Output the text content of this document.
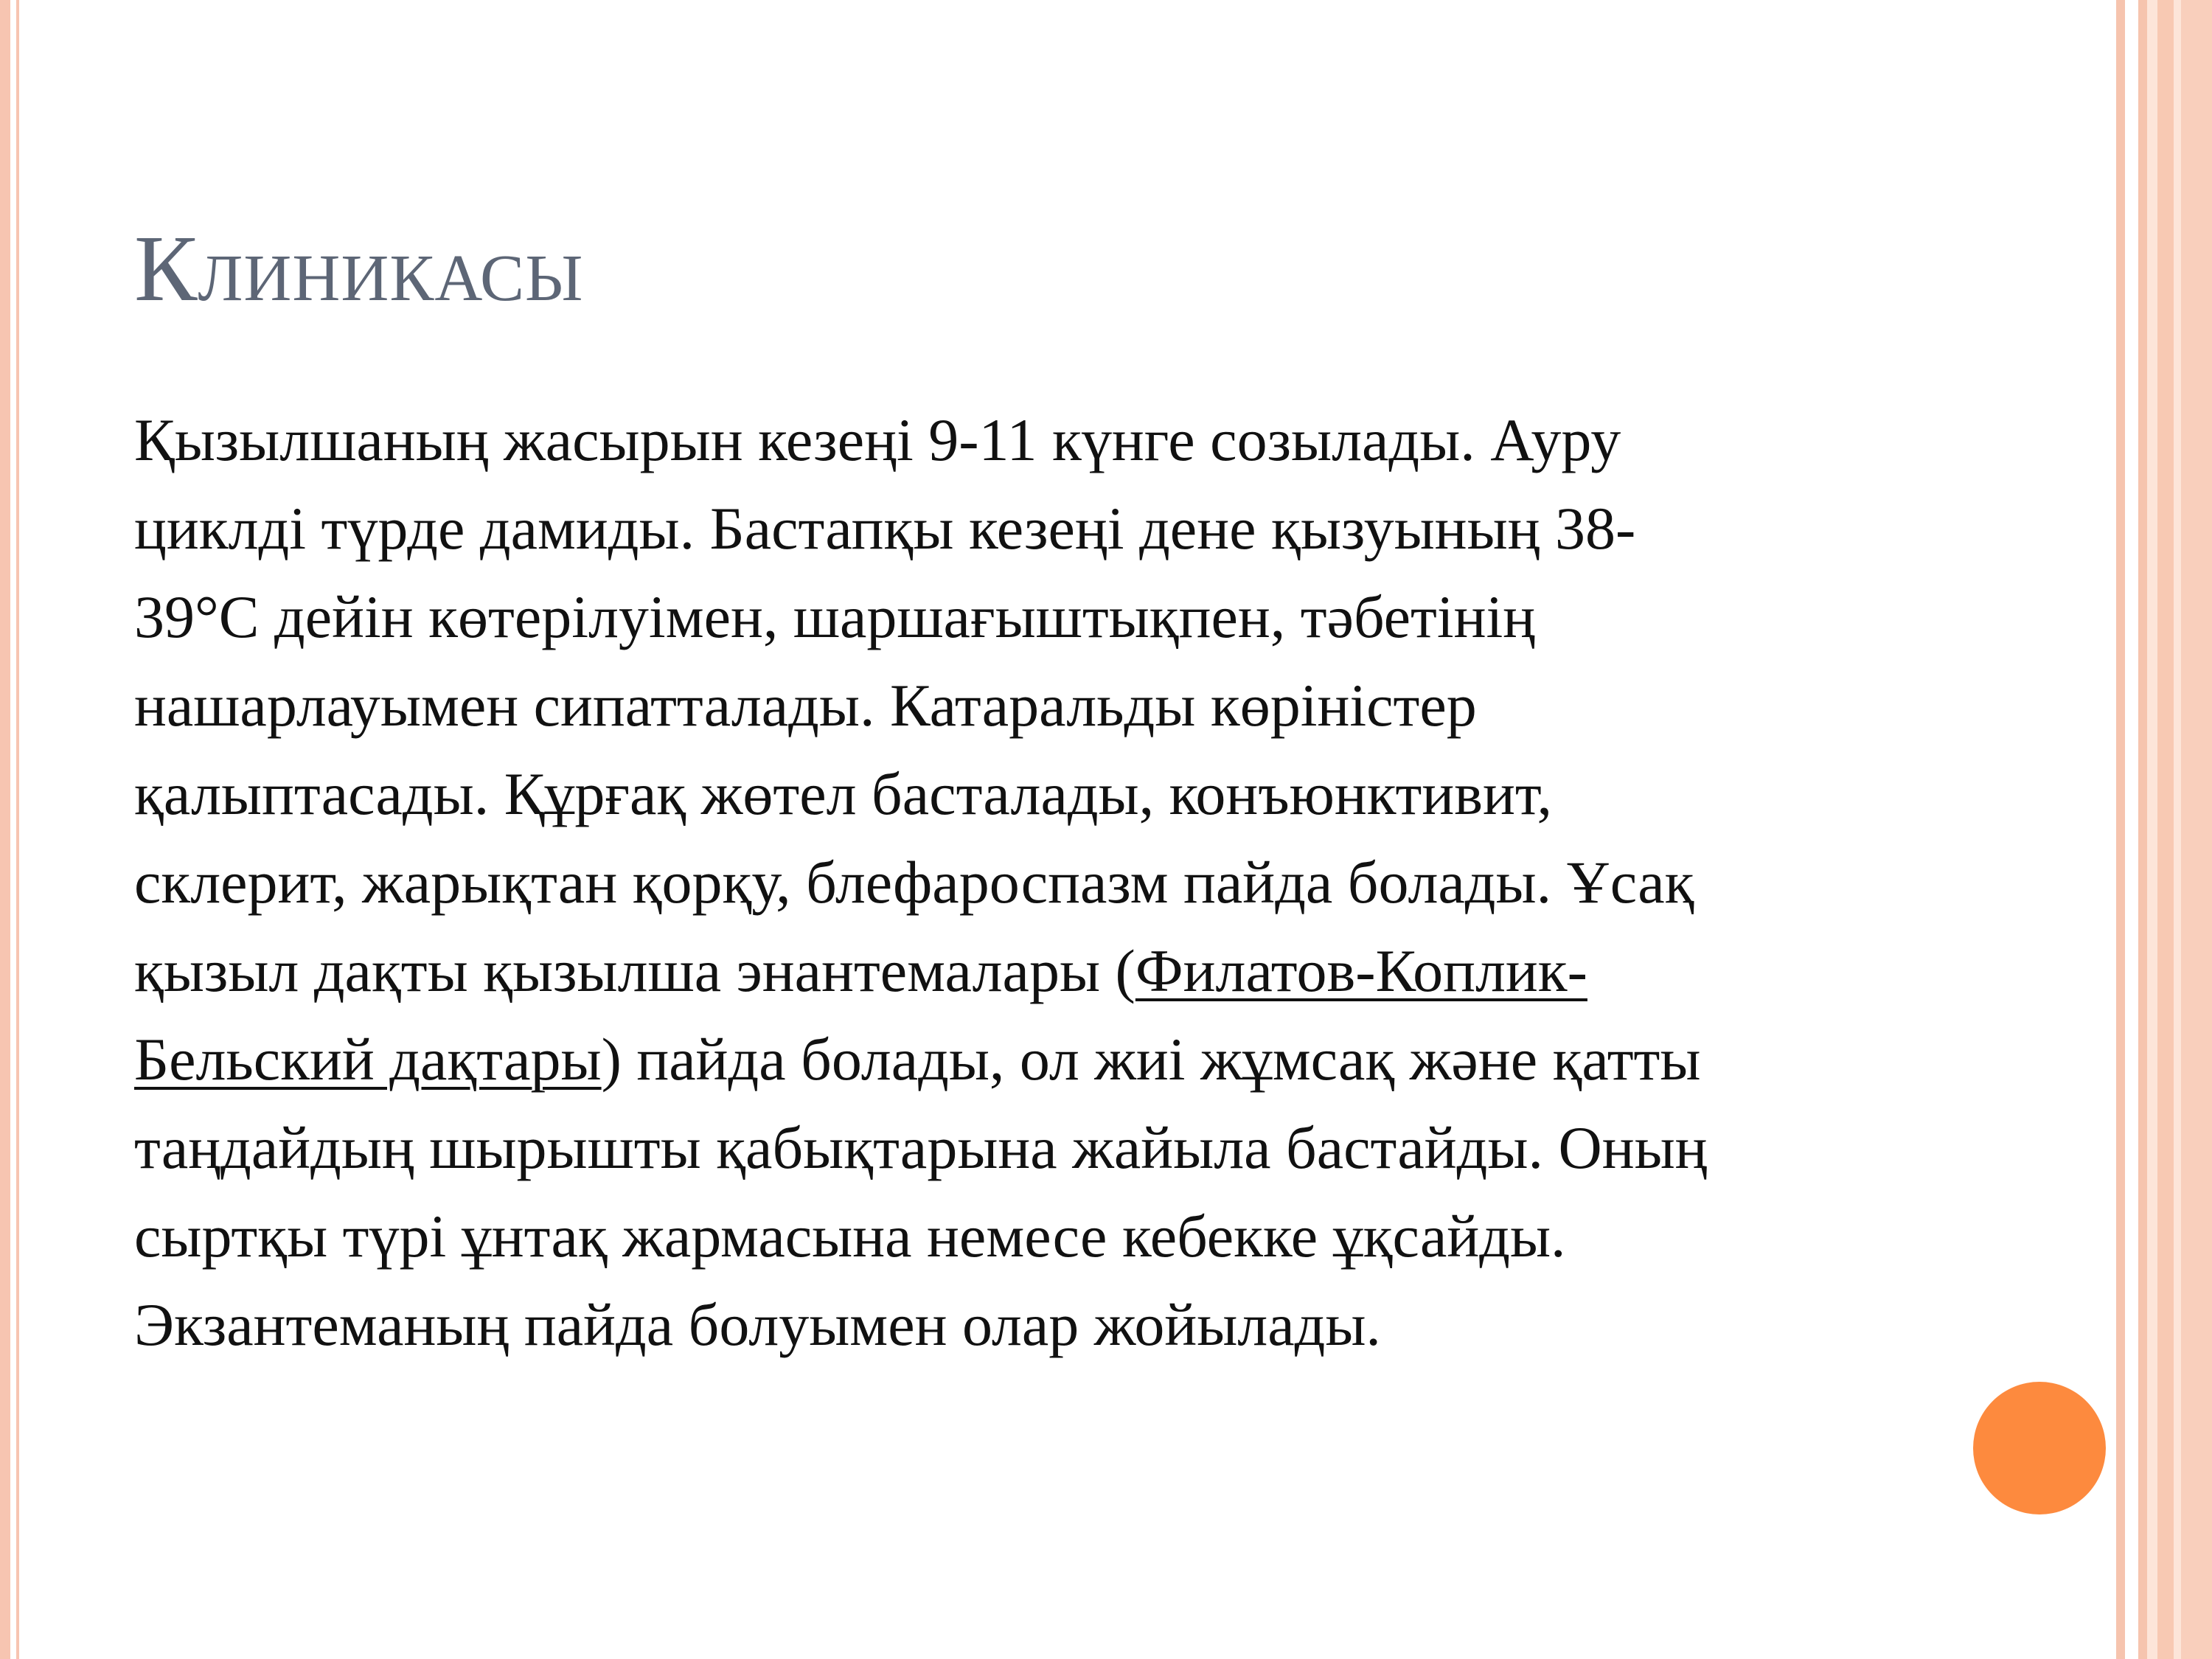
Клиникасы
Қызылшаның жасырын кезеңі 9-11 күнге созылады. Ауру
циклді түрде дамиды. Бастапқы кезеңі дене қызуының 38-
39°С дейін көтерілуімен, шаршағыштықпен, тәбетінің
нашарлауымен сипатталады. Катаральды көріністер
қалыптасады. Құрғақ жөтел басталады, конъюнктивит,
склерит, жарықтан қорқу, блефароспазм пайда болады. Ұсақ
қызыл дақты қызылша энантемалары (Филатов-Коплик-
Бельский дақтары) пайда болады, ол жиі жұмсақ және қатты
таңдайдың шырышты қабықтарына жайыла бастайды. Оның
сыртқы түрі ұнтақ жармасына немесе кебекке ұқсайды.
Экзантеманың пайда болуымен олар жойылады.
